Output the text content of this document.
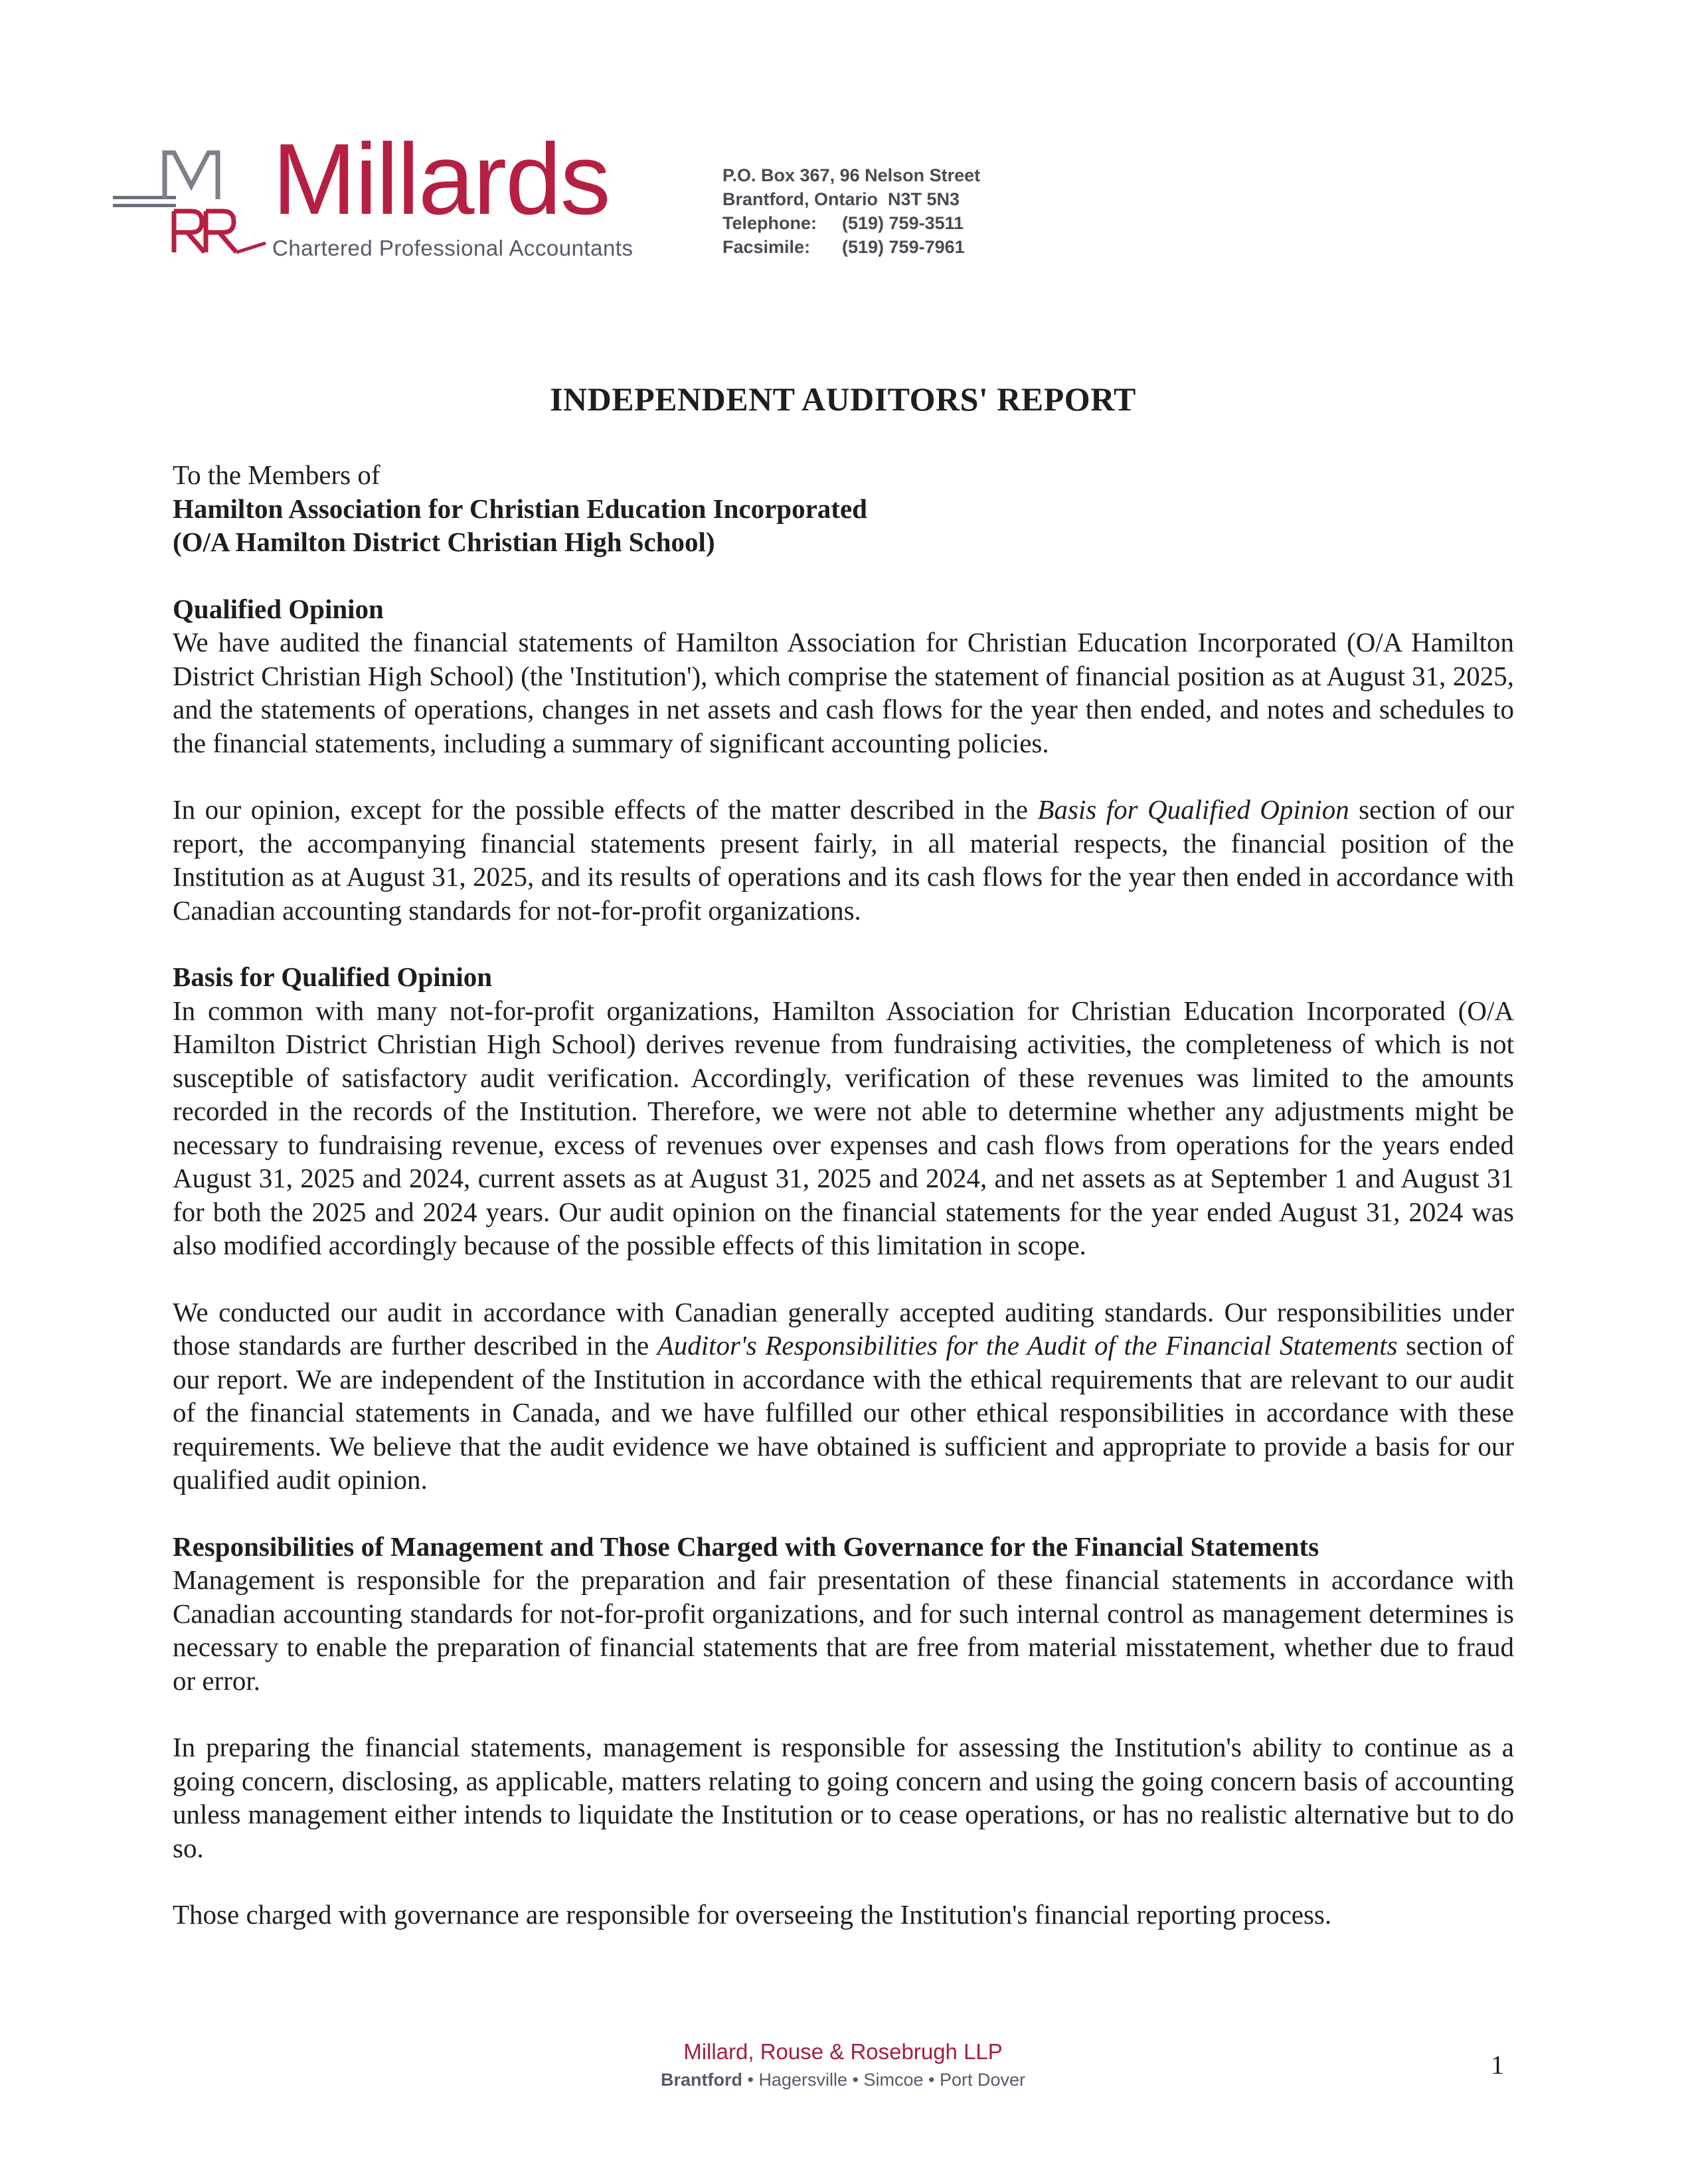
Millards
Chartered Professional Accountants
P.O. Box 367, 96 Nelson Street
Brantford, Ontario  N3T 5N3
Telephone: (519) 759-3511
Facsimile: (519) 759-7961
INDEPENDENT AUDITORS' REPORT

To the Members of

Hamilton Association for Christian Education Incorporated

(O/A Hamilton District Christian High School)

Qualified Opinion

We have audited the financial statements of Hamilton Association for Christian Education Incorporated (O/A Hamilton District Christian High School) (the 'Institution'), which comprise the statement of financial position as at August 31, 2025, and the statements of operations, changes in net assets and cash flows for the year then ended, and notes and schedules to the financial statements, including a summary of significant accounting policies.

In our opinion, except for the possible effects of the matter described in the Basis for Qualified Opinion section of our report, the accompanying financial statements present fairly, in all material respects, the financial position of the Institution as at August 31, 2025, and its results of operations and its cash flows for the year then ended in accordance with Canadian accounting standards for not-for-profit organizations.

Basis for Qualified Opinion

In common with many not-for-profit organizations, Hamilton Association for Christian Education Incorporated (O/A Hamilton District Christian High School) derives revenue from fundraising activities, the completeness of which is not susceptible of satisfactory audit verification. Accordingly, verification of these revenues was limited to the amounts recorded in the records of the Institution. Therefore, we were not able to determine whether any adjustments might be necessary to fundraising revenue, excess of revenues over expenses and cash flows from operations for the years ended August 31, 2025 and 2024, current assets as at August 31, 2025 and 2024, and net assets as at September 1 and August 31 for both the 2025 and 2024 years. Our audit opinion on the financial statements for the year ended August 31, 2024 was also modified accordingly because of the possible effects of this limitation in scope.

We conducted our audit in accordance with Canadian generally accepted auditing standards. Our responsibilities under those standards are further described in the Auditor's Responsibilities for the Audit of the Financial Statements section of our report. We are independent of the Institution in accordance with the ethical requirements that are relevant to our audit of the financial statements in Canada, and we have fulfilled our other ethical responsibilities in accordance with these requirements. We believe that the audit evidence we have obtained is sufficient and appropriate to provide a basis for our qualified audit opinion.

Responsibilities of Management and Those Charged with Governance for the Financial Statements

Management is responsible for the preparation and fair presentation of these financial statements in accordance with Canadian accounting standards for not-for-profit organizations, and for such internal control as management determines is necessary to enable the preparation of financial statements that are free from material misstatement, whether due to fraud or error.

In preparing the financial statements, management is responsible for assessing the Institution's ability to continue as a going concern, disclosing, as applicable, matters relating to going concern and using the going concern basis of accounting unless management either intends to liquidate the Institution or to cease operations, or has no realistic alternative but to do so.

Those charged with governance are responsible for overseeing the Institution's financial reporting process.

Millard, Rouse & Rosebrugh LLP
Brantford • Hagersville • Simcoe • Port Dover	1
